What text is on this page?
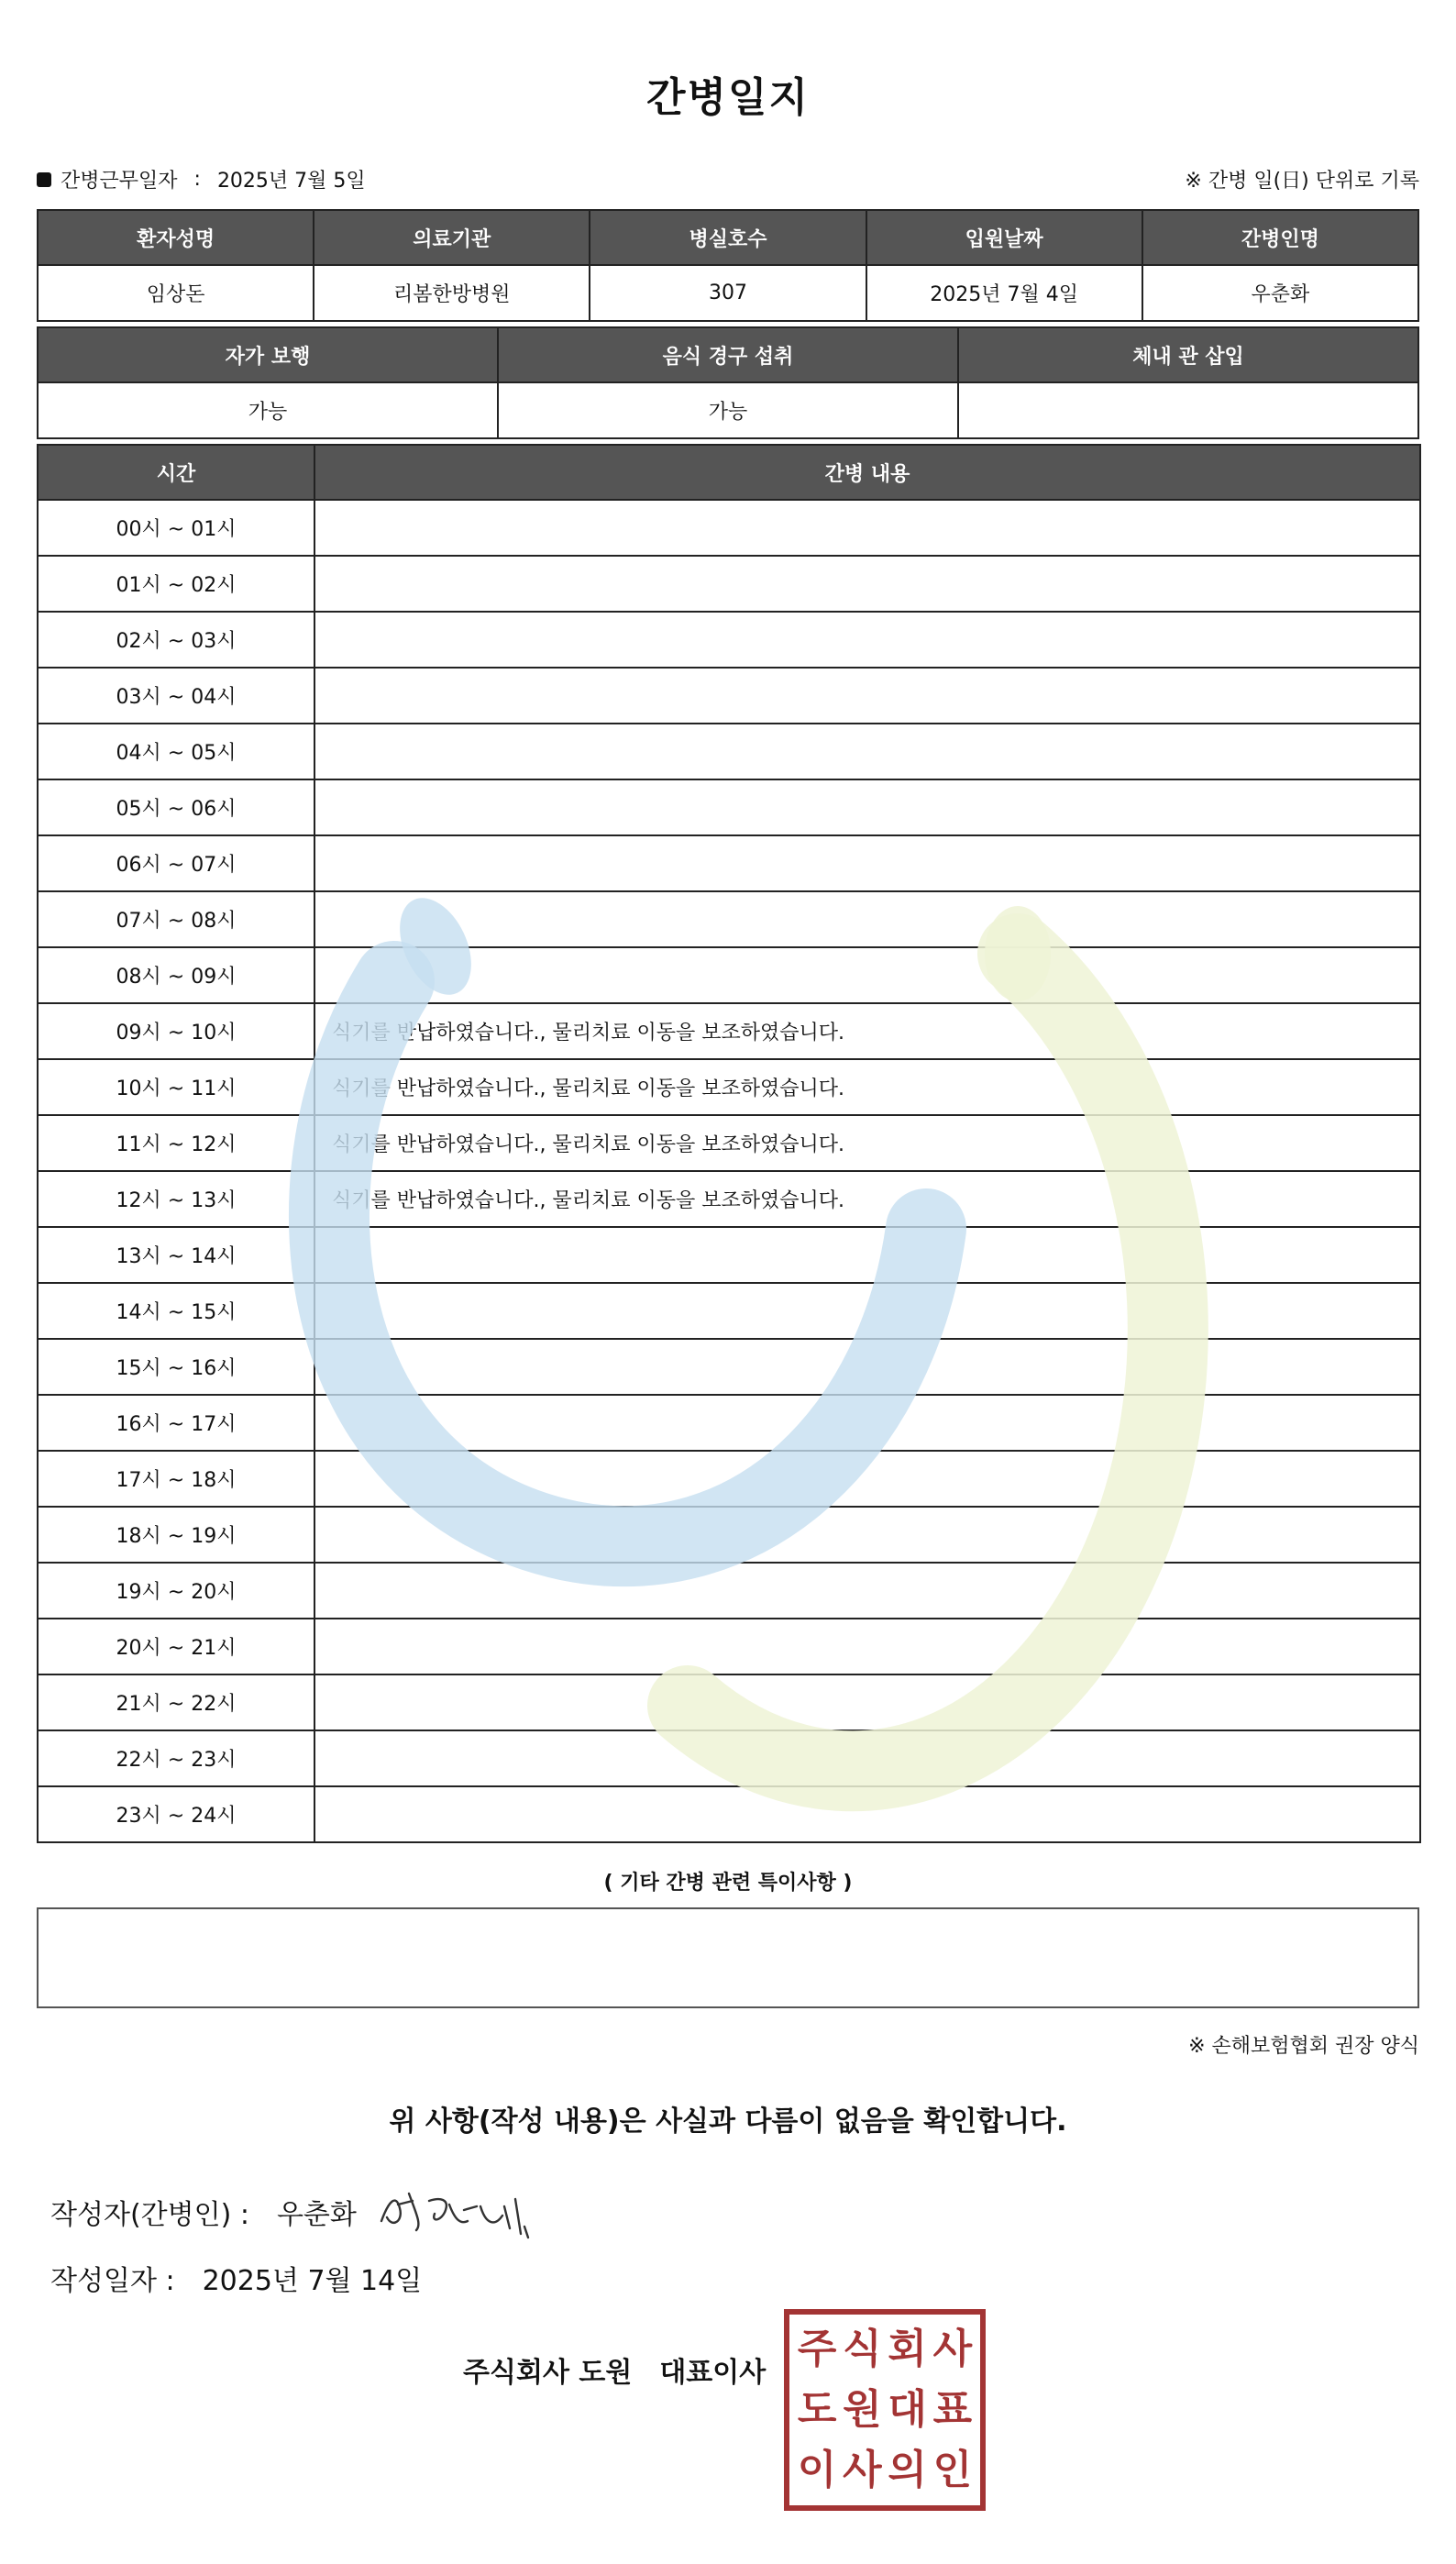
간병일지
간병근무일자 : 2025년 7월 5일	※ 간병 일(日) 단위로 기록
환자성명	의료기관	병실호수	입원날짜	간병인명
임상돈	리봄한방병원	307	2025년 7월 4일	우춘화
자가 보행	음식 경구 섭취	체내 관 삽입
가능	가능	
시간	간병 내용
00시 ~ 01시	
01시 ~ 02시	
02시 ~ 03시	
03시 ~ 04시	
04시 ~ 05시	
05시 ~ 06시	
06시 ~ 07시	
07시 ~ 08시	
08시 ~ 09시	
09시 ~ 10시	식기를 반납하였습니다., 물리치료 이동을 보조하였습니다.
10시 ~ 11시	식기를 반납하였습니다., 물리치료 이동을 보조하였습니다.
11시 ~ 12시	식기를 반납하였습니다., 물리치료 이동을 보조하였습니다.
12시 ~ 13시	식기를 반납하였습니다., 물리치료 이동을 보조하였습니다.
13시 ~ 14시	
14시 ~ 15시	
15시 ~ 16시	
16시 ~ 17시	
17시 ~ 18시	
18시 ~ 19시	
19시 ~ 20시	
20시 ~ 21시	
21시 ~ 22시	
22시 ~ 23시	
23시 ~ 24시	
( 기타 간병 관련 특이사항 )
※ 손해보험협회 권장 양식
위 사항(작성 내용)은 사실과 다름이 없음을 확인합니다.
작성자(간병인) : 우춘화
작성일자 : 2025년 7월 14일
주식회사 도원 대표이사
주 식 회 사
도 원 대 표
이 사 의 인
